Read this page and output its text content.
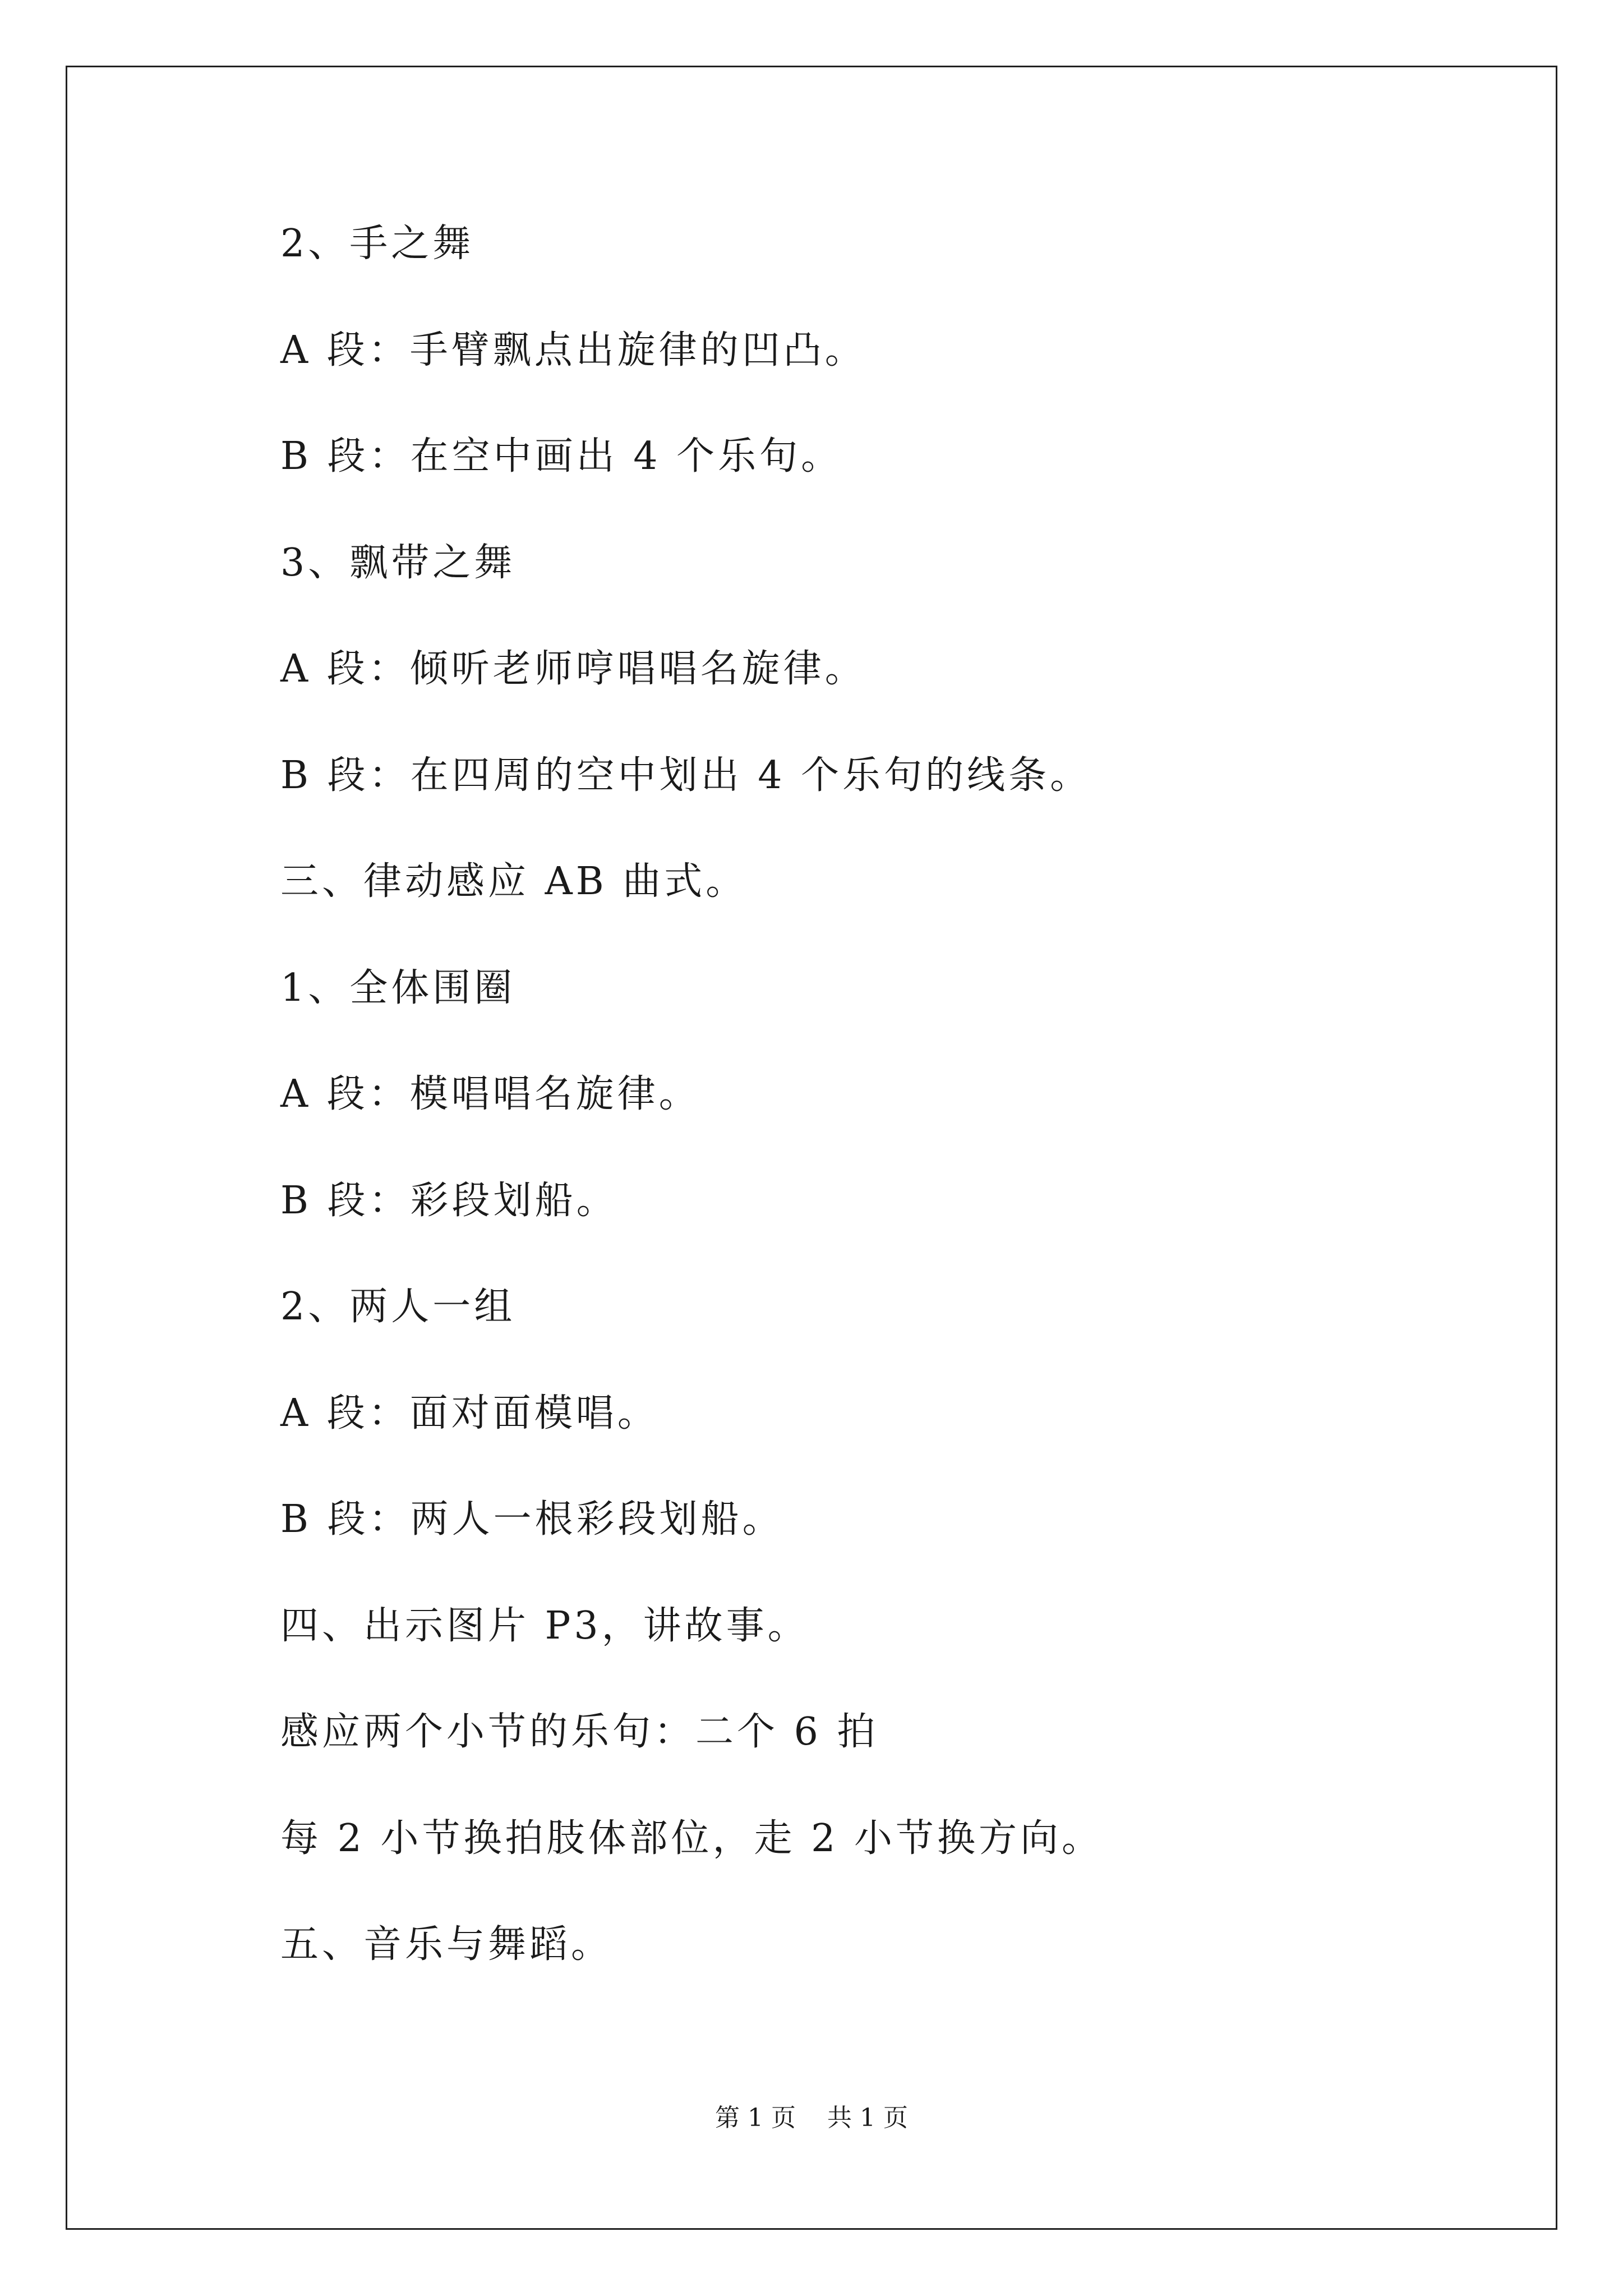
2、手之舞
A 段：手臂飘点出旋律的凹凸。
B 段：在空中画出 4 个乐句。
3、飘带之舞
A 段：倾听老师哼唱唱名旋律。
B 段：在四周的空中划出 4 个乐句的线条。
三、律动感应 AB 曲式。
1、全体围圈
A 段：模唱唱名旋律。
B 段：彩段划船。
2、两人一组
A 段：面对面模唱。
B 段：两人一根彩段划船。
四、出示图片 P3，讲故事。
感应两个小节的乐句：二个 6 拍
每 2 小节换拍肢体部位，走 2 小节换方向。
五、音乐与舞蹈。
第 1 页 共 1 页
